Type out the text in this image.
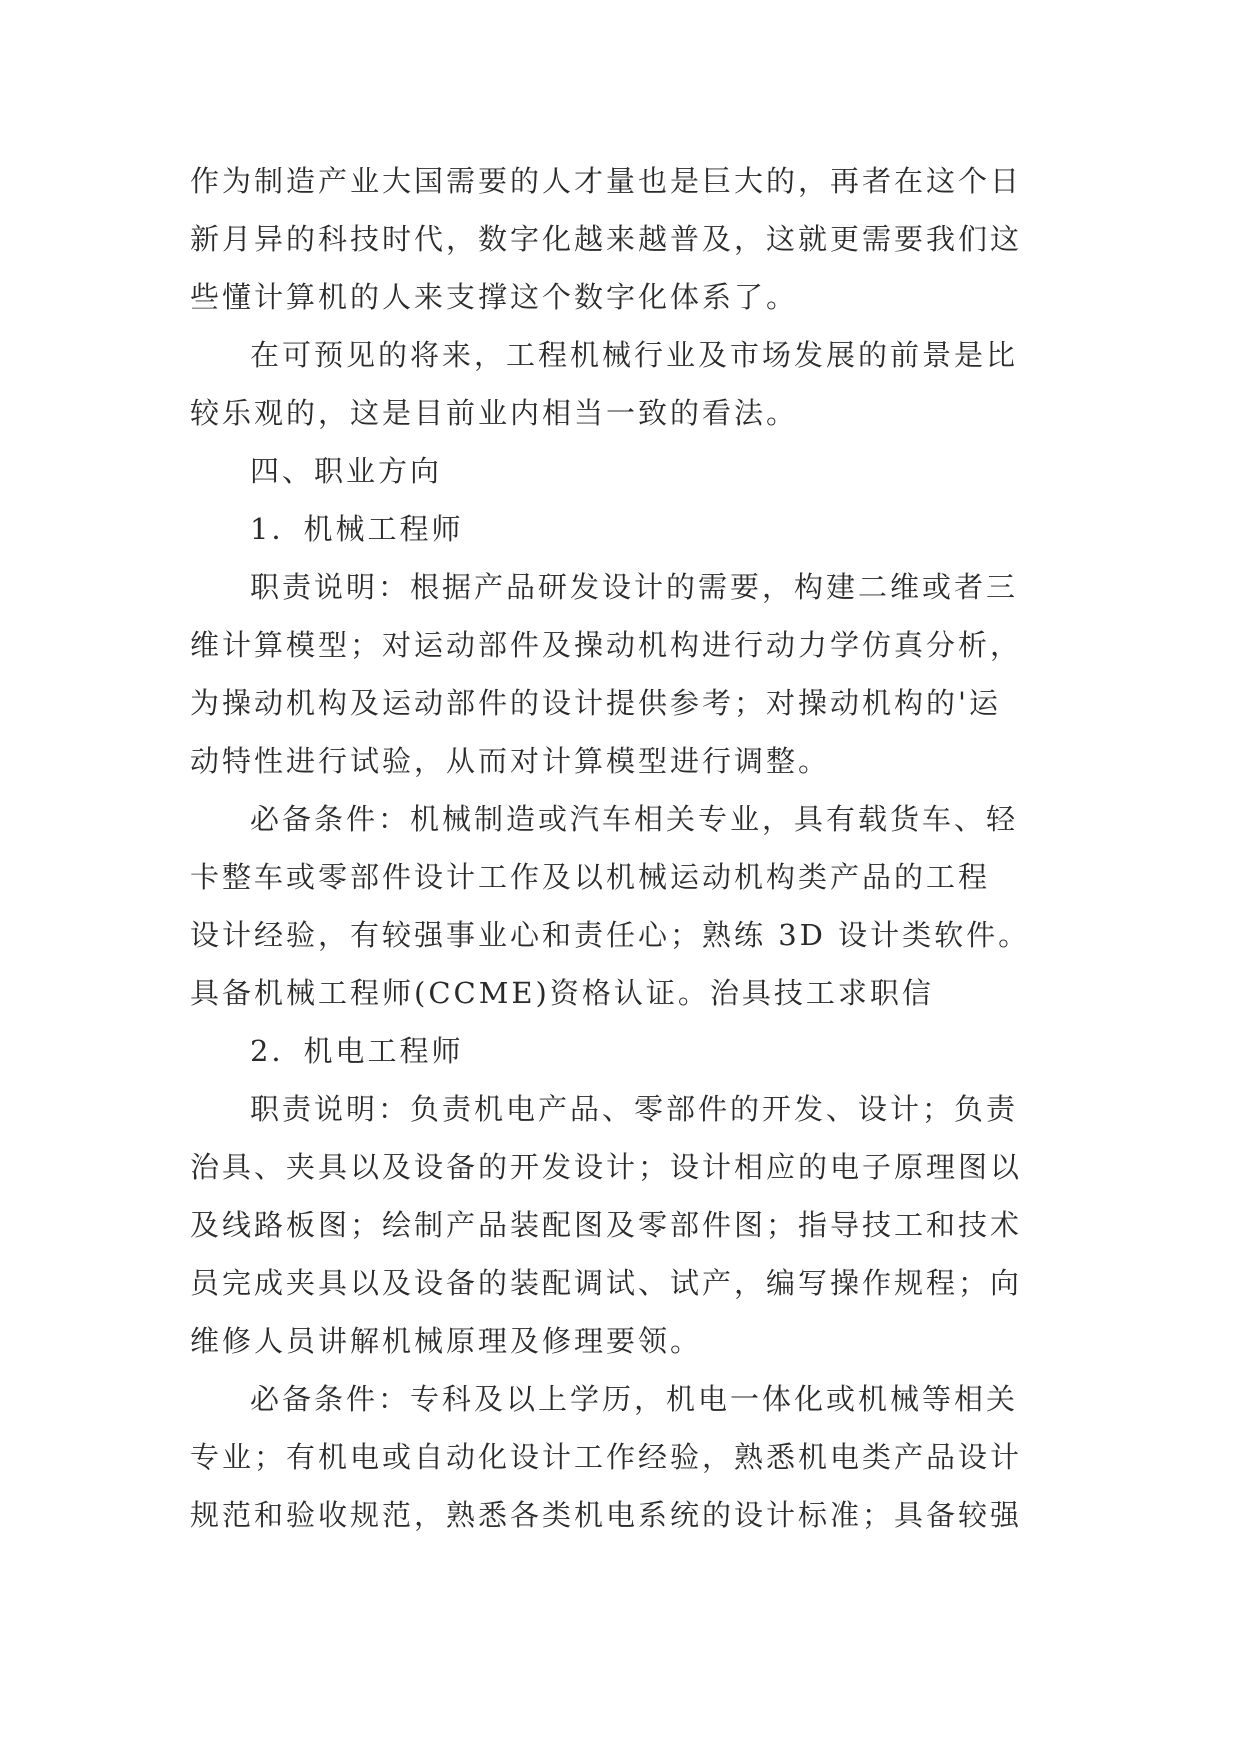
作为制造产业大国需要的人才量也是巨大的，再者在这个日
新月异的科技时代，数字化越来越普及，这就更需要我们这
些懂计算机的人来支撑这个数字化体系了。
在可预见的将来，工程机械行业及市场发展的前景是比
较乐观的，这是目前业内相当一致的看法。
四、职业方向
1．机械工程师
职责说明：根据产品研发设计的需要，构建二维或者三
维计算模型；对运动部件及操动机构进行动力学仿真分析，
为操动机构及运动部件的设计提供参考；对操动机构的'运
动特性进行试验，从而对计算模型进行调整。
必备条件：机械制造或汽车相关专业，具有载货车、轻
卡整车或零部件设计工作及以机械运动机构类产品的工程
设计经验，有较强事业心和责任心；熟练 3D 设计类软件。
具备机械工程师(CCME)资格认证。治具技工求职信
2．机电工程师
职责说明：负责机电产品、零部件的开发、设计；负责
治具、夹具以及设备的开发设计；设计相应的电子原理图以
及线路板图；绘制产品装配图及零部件图；指导技工和技术
员完成夹具以及设备的装配调试、试产，编写操作规程；向
维修人员讲解机械原理及修理要领。
必备条件：专科及以上学历，机电一体化或机械等相关
专业；有机电或自动化设计工作经验，熟悉机电类产品设计
规范和验收规范，熟悉各类机电系统的设计标准；具备较强
